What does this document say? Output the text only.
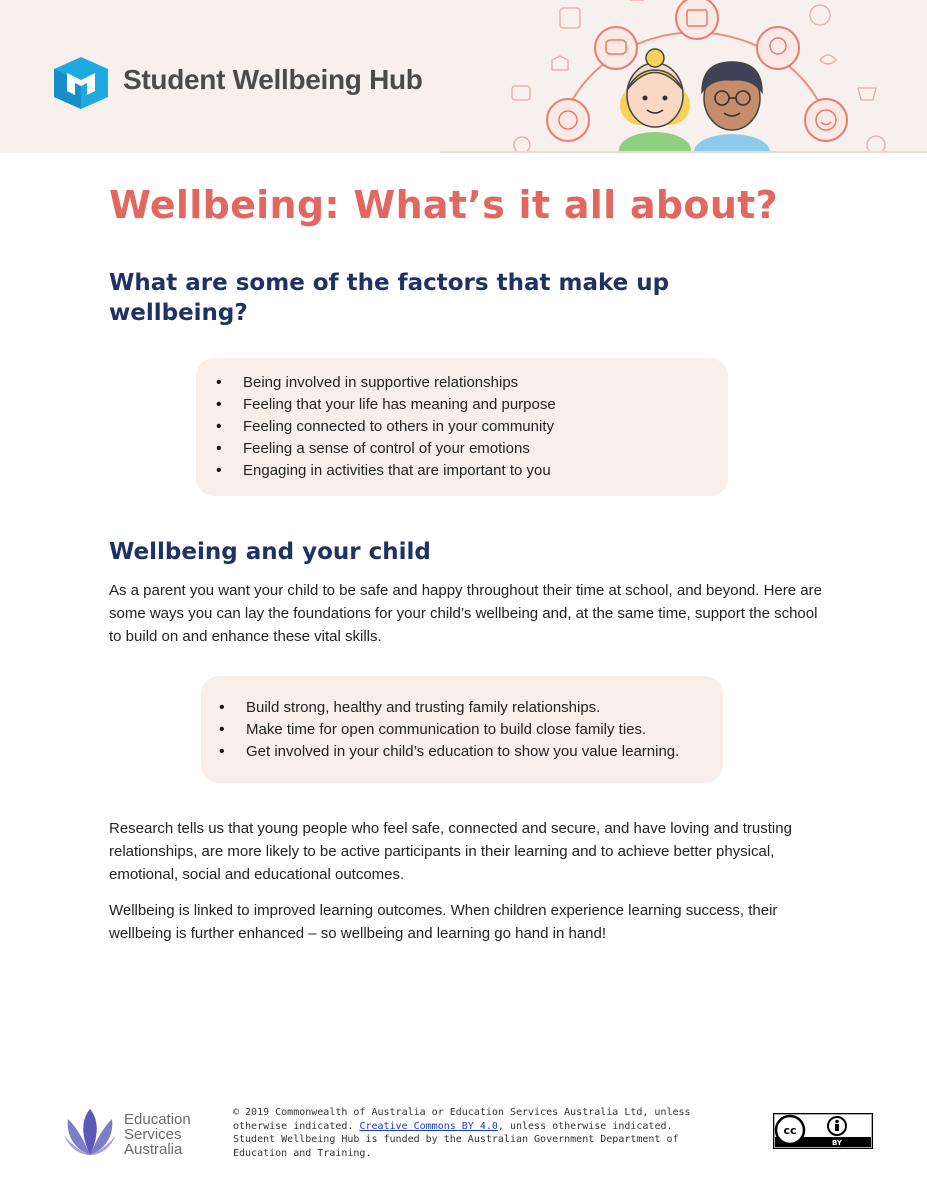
Student Wellbeing Hub
Wellbeing: What’s it all about?
What are some of the factors that make up wellbeing?
• Being involved in supportive relationships
• Feeling that your life has meaning and purpose
• Feeling connected to others in your community
• Feeling a sense of control of your emotions
• Engaging in activities that are important to you
Wellbeing and your child

As a parent you want your child to be safe and happy throughout their time at school, and beyond. Here are some ways you can lay the foundations for your child’s wellbeing and, at the same time, support the school to build on and enhance these vital skills.

• Build strong, healthy and trusting family relationships.
• Make time for open communication to build close family ties.
• Get involved in your child’s education to show you value learning.

Research tells us that young people who feel safe, connected and secure, and have loving and trusting relationships, are more likely to be active participants in their learning and to achieve better physical, emotional, social and educational outcomes.

Wellbeing is linked to improved learning outcomes. When children experience learning success, their wellbeing is further enhanced – so wellbeing and learning go hand in hand!

Education
Services
Australia
© 2019 Commonwealth of Australia or Education Services Australia Ltd, unless otherwise indicated. Creative Commons BY 4.0, unless otherwise indicated. Student Wellbeing Hub is funded by the Australian Government Department of Education and Training.
cc
BY
